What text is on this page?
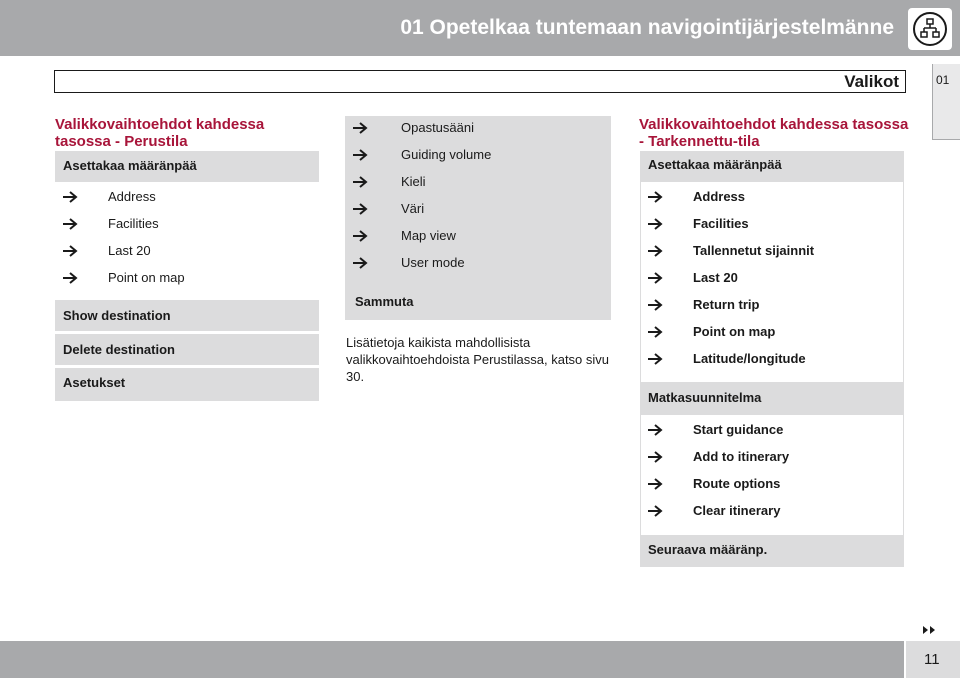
01 Opetelkaa tuntemaan navigointijärjestelmänne
Valikot	01
Valikkovaihtoehdot kahdessa tasossa - Perustila
Asettakaa määränpää
Address
Facilities
Last 20
Point on map
Show destination
Delete destination
Asetukset
Opastusääni
Guiding volume
Kieli
Väri
Map view
User mode
Sammuta
Lisätietoja kaikista mahdollisista valikkovaihtoehdoista Perustilassa, katso sivu 30.
Valikkovaihtoehdot kahdessa tasossa - Tarkennettu-tila
Asettakaa määränpää
Address
Facilities
Tallennetut sijainnit
Last 20
Return trip
Point on map
Latitude/longitude
Matkasuunnitelma
Start guidance
Add to itinerary
Route options
Clear itinerary
Seuraava määränp.
11
